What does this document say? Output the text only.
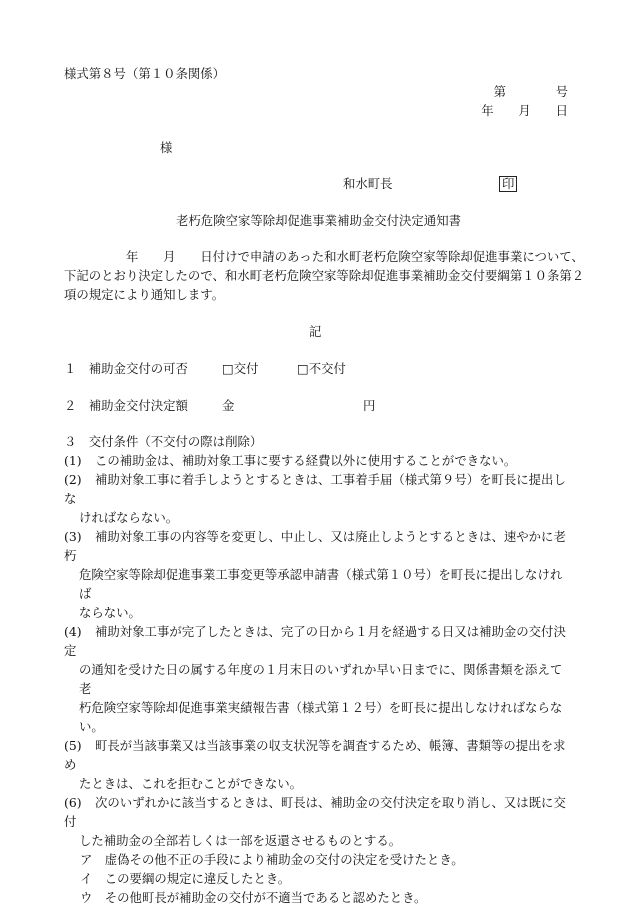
様式第８号（第１０条関係）
第　　　　号
年　　月　　日
様
和水町長	印
老朽危険空家等除却促進事業補助金交付決定通知書
　　　　　年　　月　　日付けで申請のあった和水町老朽危険空家等除却促進事業について、
下記のとおり決定したので、和水町老朽危険空家等除却促進事業補助金交付要綱第１０条第２
項の規定により通知します。
記
１　補助金交付の可否	□交付	□不交付
２　補助金交付決定額	金	円
３　交付条件（不交付の際は削除）
(1) この補助金は、補助対象工事に要する経費以外に使用することができない。
(2) 補助対象工事に着手しようとするときは、工事着手届（様式第９号）を町長に提出しな
ければならない。
(3) 補助対象工事の内容等を変更し、中止し、又は廃止しようとするときは、速やかに老朽
危険空家等除却促進事業工事変更等承認申請書（様式第１０号）を町長に提出しなければ
ならない。
(4) 補助対象工事が完了したときは、完了の日から１月を経過する日又は補助金の交付決定
の通知を受けた日の属する年度の１月末日のいずれか早い日までに、関係書類を添えて老
朽危険空家等除却促進事業実績報告書（様式第１２号）を町長に提出しなければならない。
(5) 町長が当該事業又は当該事業の収支状況等を調査するため、帳簿、書類等の提出を求め
たときは、これを拒むことができない。
(6) 次のいずれかに該当するときは、町長は、補助金の交付決定を取り消し、又は既に交付
した補助金の全部若しくは一部を返還させるものとする。
ア　虚偽その他不正の手段により補助金の交付の決定を受けたとき。
イ　この要綱の規定に違反したとき。
ウ　その他町長が補助金の交付が不適当であると認めたとき。
